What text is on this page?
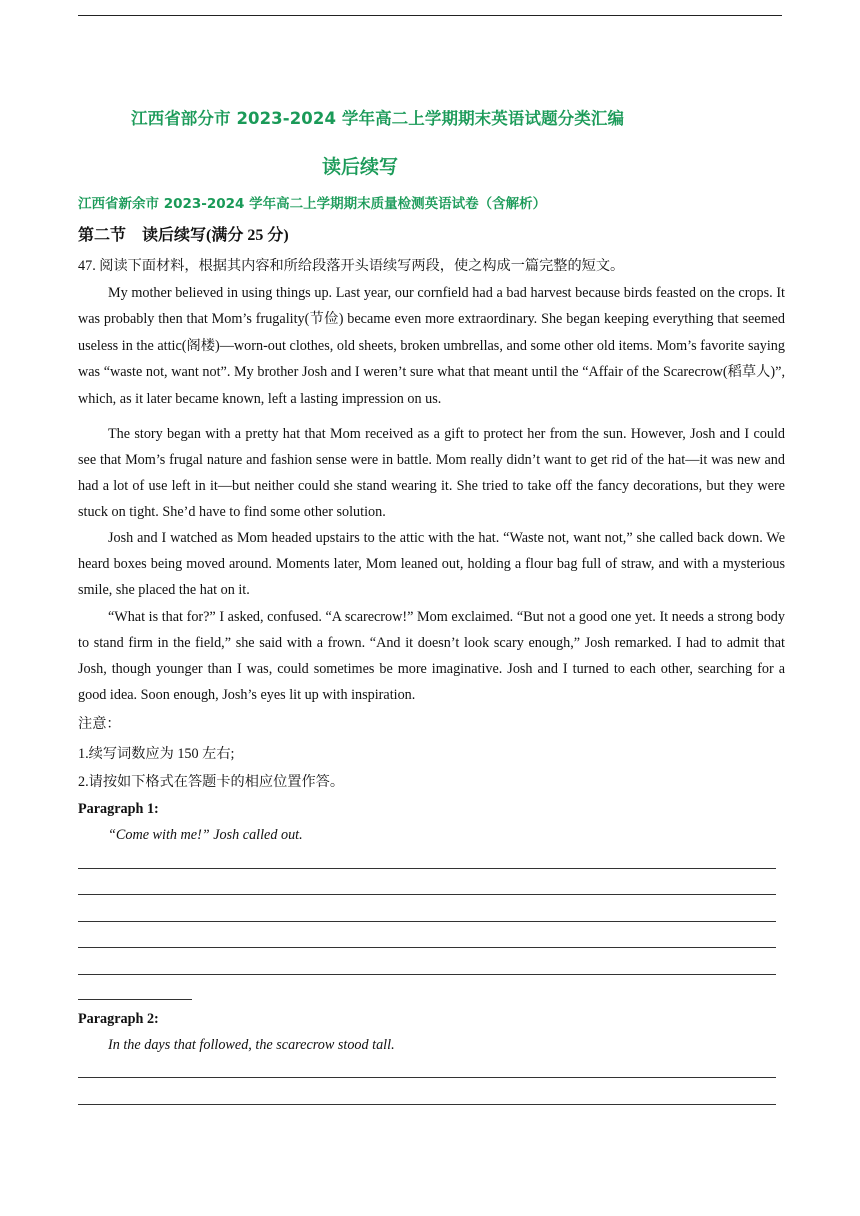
江西省部分市 2023-2024 学年高二上学期期末英语试题分类汇编
读后续写
江西省新余市 2023-2024 学年高二上学期期末质量检测英语试卷（含解析）
第二节 读后续写(满分 25 分)
47. 阅读下面材料，根据其内容和所给段落开头语续写两段，使之构成一篇完整的短文。

My mother believed in using things up. Last year, our cornfield had a bad harvest because birds feasted on the crops. It was probably then that Mom’s frugality(节俭) became even more extraordinary. She began keeping everything that seemed useless in the attic(阁楼)—worn-out clothes, old sheets, broken umbrellas, and some other old items. Mom’s favorite saying was “waste not, want not”. My brother Josh and I weren’t sure what that meant until the “Affair of the Scarecrow(稻草人)”, which, as it later became known, left a lasting impression on us.

The story began with a pretty hat that Mom received as a gift to protect her from the sun. However, Josh and I could see that Mom’s frugal nature and fashion sense were in battle. Mom really didn’t want to get rid of the hat—it was new and had a lot of use left in it—but neither could she stand wearing it. She tried to take off the fancy decorations, but they were stuck on tight. She’d have to find some other solution.

Josh and I watched as Mom headed upstairs to the attic with the hat. “Waste not, want not,” she called back down. We heard boxes being moved around. Moments later, Mom leaned out, holding a flour bag full of straw, and with a mysterious smile, she placed the hat on it.

“What is that for?” I asked, confused. “A scarecrow!” Mom exclaimed. “But not a good one yet. It needs a strong body to stand firm in the field,” she said with a frown. “And it doesn’t look scary enough,” Josh remarked. I had to admit that Josh, though younger than I was, could sometimes be more imaginative. Josh and I turned to each other, searching for a good idea. Soon enough, Josh’s eyes lit up with inspiration.

注意：
1.续写词数应为 150 左右;
2.请按如下格式在答题卡的相应位置作答。
Paragraph 1:
“Come with me!” Josh called out.
Paragraph 2:
In the days that followed, the scarecrow stood tall.
